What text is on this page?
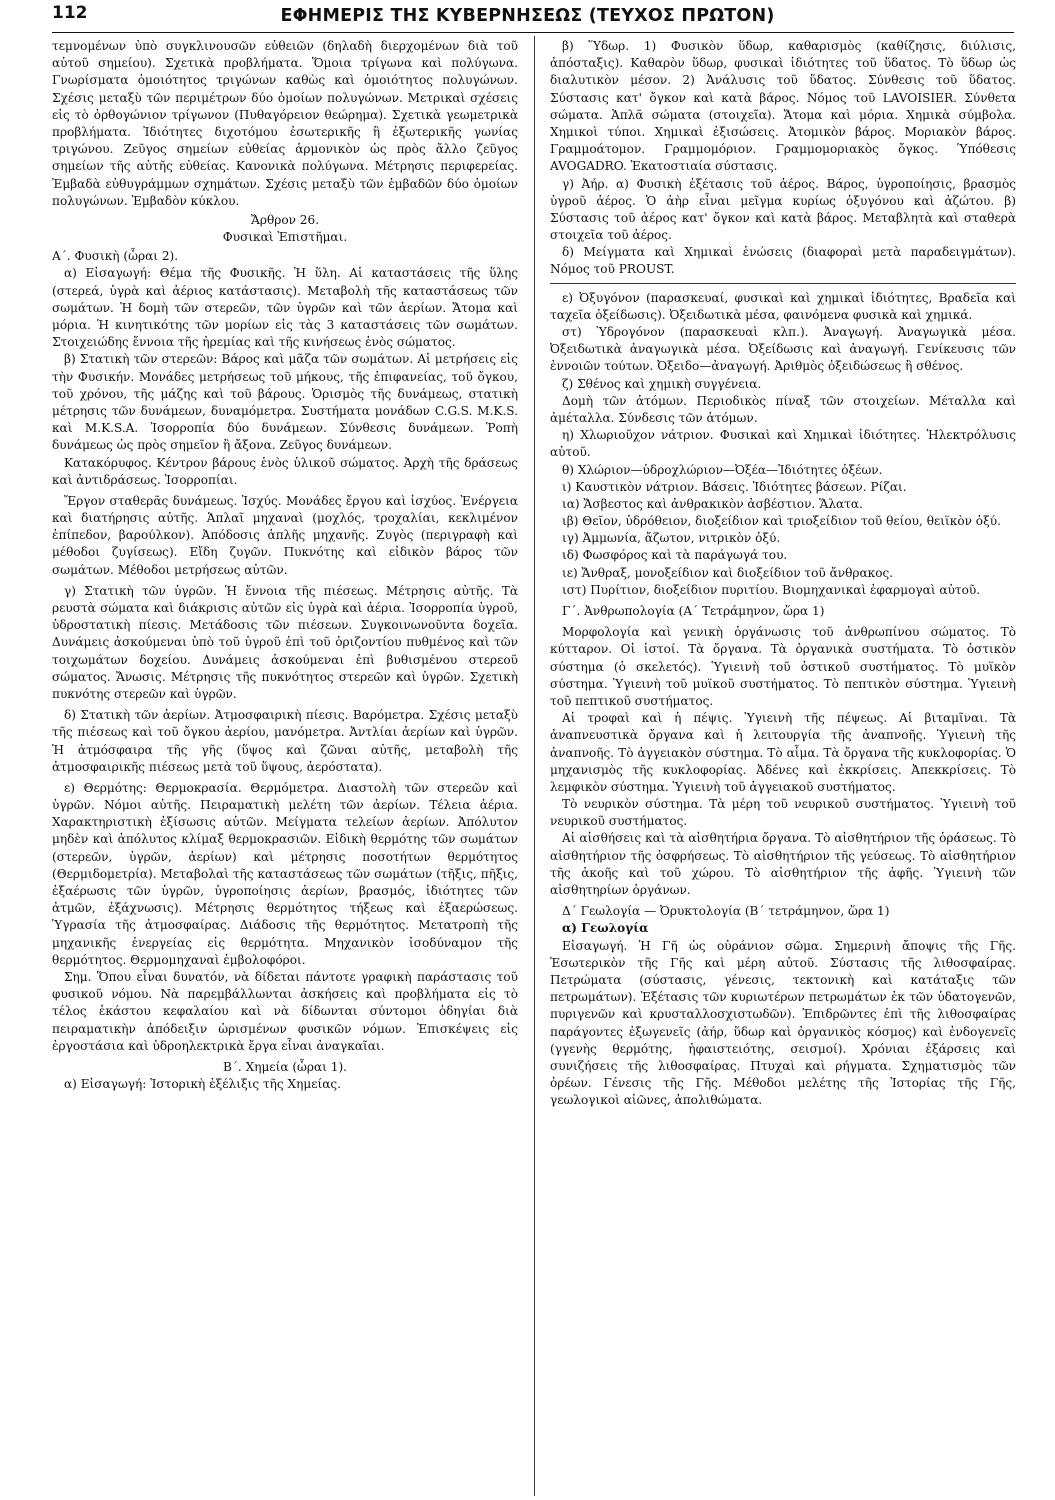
112	ΕΦΗΜΕΡΙΣ ΤΗΣ ΚΥΒΕΡΝΗΣΕΩΣ (ΤΕΥΧΟΣ ΠΡΩΤΟΝ)

τεμνομένων ὑπὸ συγκλινουσῶν εὐθειῶν (δηλαδὴ διερχομένων διὰ τοῦ αὐτοῦ σημείου). Σχετικὰ προβλήματα. Ὅμοια τρίγωνα καὶ πολύγωνα. Γνωρίσματα ὁμοιότητος τριγώνων καθὼς καὶ ὁμοιότητος πολυγώνων. Σχέσις μεταξὺ τῶν περιμέτρων δύο ὁμοίων πολυγώνων. Μετρικαὶ σχέσεις εἰς τὸ ὀρθογώνιον τρίγωνον (Πυθαγόρειον θεώρημα). Σχετικὰ γεωμετρικὰ προβλήματα. Ἰδιότητες διχοτόμου ἐσωτερικῆς ἢ ἐξωτερικῆς γωνίας τριγώνου. Ζεῦγος σημείων εὐθείας ἁρμονικὸν ὡς πρὸς ἄλλο ζεῦγος σημείων τῆς αὐτῆς εὐθείας. Κανονικὰ πολύγωνα. Μέτρησις περιφερείας. Ἐμβαδὰ εὐθυγράμμων σχημάτων. Σχέσις μεταξὺ τῶν ἐμβαδῶν δύο ὁμοίων πολυγώνων. Ἐμβαδὸν κύκλου.

Ἄρθρον 26.

Φυσικαὶ Ἐπιστῆμαι.

Α΄. Φυσικὴ (ὧραι 2).

α) Εἰσαγωγή: Θέμα τῆς Φυσικῆς. Ἡ ὕλη. Αἱ καταστάσεις τῆς ὕλης (στερεά, ὑγρὰ καὶ ἀέριος κατάστασις). Μεταβολὴ τῆς καταστάσεως τῶν σωμάτων. Ἡ δομὴ τῶν στερεῶν, τῶν ὑγρῶν καὶ τῶν ἀερίων. Ἄτομα καὶ μόρια. Ἡ κινητικότης τῶν μορίων εἰς τὰς 3 καταστάσεις τῶν σωμάτων. Στοιχειώδης ἔννοια τῆς ἠρεμίας καὶ τῆς κινήσεως ἑνὸς σώματος.

β) Στατικὴ τῶν στερεῶν: Βάρος καὶ μᾶζα τῶν σωμάτων. Αἱ μετρήσεις εἰς τὴν Φυσικήν. Μονάδες μετρήσεως τοῦ μήκους, τῆς ἐπιφανείας, τοῦ ὄγκου, τοῦ χρόνου, τῆς μάζης καὶ τοῦ βάρους. Ὁρισμὸς τῆς δυνάμεως, στατικὴ μέτρησις τῶν δυνάμεων, δυναμόμετρα. Συστήματα μονάδων C.G.S. M.K.S. καὶ M.K.S.A. Ἰσορροπία δύο δυνάμεων. Σύνθεσις δυνάμεων. Ῥοπὴ δυνάμεως ὡς πρὸς σημεῖον ἢ ἄξονα. Ζεῦγος δυνάμεων.

Κατακόρυφος. Κέντρον βάρους ἑνὸς ὑλικοῦ σώματος. Ἀρχὴ τῆς δράσεως καὶ ἀντιδράσεως. Ἰσορροπίαι.

Ἔργον σταθερᾶς δυνάμεως. Ἰσχύς. Μονάδες ἔργου καὶ ἰσχύος. Ἐνέργεια καὶ διατήρησις αὐτῆς. Ἁπλαῖ μηχαναὶ (μοχλός, τροχαλίαι, κεκλιμένον ἐπίπεδον, βαρούλκον). Ἀπόδοσις ἁπλῆς μηχανῆς. Ζυγὸς (περιγραφὴ καὶ μέθοδοι ζυγίσεως). Εἴδη ζυγῶν. Πυκνότης καὶ εἰδικὸν βάρος τῶν σωμάτων. Μέθοδοι μετρήσεως αὐτῶν.

γ) Στατικὴ τῶν ὑγρῶν. Ἡ ἔννοια τῆς πιέσεως. Μέτρησις αὐτῆς. Τὰ ρευστὰ σώματα καὶ διάκρισις αὐτῶν εἰς ὑγρὰ καὶ ἀέρια. Ἰσορροπία ὑγροῦ, ὑδροστατικὴ πίεσις. Μετάδοσις τῶν πιέσεων. Συγκοινωνοῦντα δοχεῖα. Δυνάμεις ἀσκούμεναι ὑπὸ τοῦ ὑγροῦ ἐπὶ τοῦ ὁριζοντίου πυθμένος καὶ τῶν τοιχωμάτων δοχείου. Δυνάμεις ἀσκούμεναι ἐπὶ βυθισμένου στερεοῦ σώματος. Ἄνωσις. Μέτρησις τῆς πυκνότητος στερεῶν καὶ ὑγρῶν. Σχετικὴ πυκνότης στερεῶν καὶ ὑγρῶν.

δ) Στατικὴ τῶν ἀερίων. Ἀτμοσφαιρικὴ πίεσις. Βαρόμετρα. Σχέσις μεταξὺ τῆς πιέσεως καὶ τοῦ ὄγκου ἀερίου, μανόμετρα. Ἀντλίαι ἀερίων καὶ ὑγρῶν. Ἡ ἀτμόσφαιρα τῆς γῆς (ὕψος καὶ ζῶναι αὐτῆς, μεταβολὴ τῆς ἀτμοσφαιρικῆς πιέσεως μετὰ τοῦ ὕψους, ἀερόστατα).

ε) Θερμότης: Θερμοκρασία. Θερμόμετρα. Διαστολὴ τῶν στερεῶν καὶ ὑγρῶν. Νόμοι αὐτῆς. Πειραματικὴ μελέτη τῶν ἀερίων. Τέλεια ἀέρια. Χαρακτηριστικὴ ἐξίσωσις αὐτῶν. Μείγματα τελείων ἀερίων. Ἀπόλυτον μηδὲν καὶ ἀπόλυτος κλίμαξ θερμοκρασιῶν. Εἰδικὴ θερμότης τῶν σωμάτων (στερεῶν, ὑγρῶν, ἀερίων) καὶ μέτρησις ποσοτήτων θερμότητος (Θερμιδομετρία). Μεταβολαὶ τῆς καταστάσεως τῶν σωμάτων (τῆξις, πῆξις, ἐξαέρωσις τῶν ὑγρῶν, ὑγροποίησις ἀερίων, βρασμός, ἰδιότητες τῶν ἀτμῶν, ἐξάχνωσις). Μέτρησις θερμότητος τήξεως καὶ ἐξαερώσεως. Ὑγρασία τῆς ἀτμοσφαίρας. Διάδοσις τῆς θερμότητος. Μετατροπὴ τῆς μηχανικῆς ἐνεργείας εἰς θερμότητα. Μηχανικὸν ἰσοδύναμον τῆς θερμότητος. Θερμομηχαναὶ ἐμβολοφόροι.

Σημ. Ὅπου εἶναι δυνατόν, νὰ δίδεται πάντοτε γραφικὴ παράστασις τοῦ φυσικοῦ νόμου. Νὰ παρεμβάλλωνται ἀσκήσεις καὶ προβλήματα εἰς τὸ τέλος ἑκάστου κεφαλαίου καὶ νὰ δίδωνται σύντομοι ὁδηγίαι διὰ πειραματικὴν ἀπόδειξιν ὡρισμένων φυσικῶν νόμων. Ἐπισκέψεις εἰς ἐργοστάσια καὶ ὑδροηλεκτρικὰ ἔργα εἶναι ἀναγκαῖαι.

Β΄. Χημεία (ὧραι 1).

α) Εἰσαγωγή: Ἱστορικὴ ἐξέλιξις τῆς Χημείας.

β) Ὕδωρ. 1) Φυσικὸν ὕδωρ, καθαρισμὸς (καθίζησις, διύλισις, ἀπόσταξις). Καθαρὸν ὕδωρ, φυσικαὶ ἰδιότητες τοῦ ὕδατος. Τὸ ὕδωρ ὡς διαλυτικὸν μέσον. 2) Ἀνάλυσις τοῦ ὕδατος. Σύνθεσις τοῦ ὕδατος. Σύστασις κατ' ὄγκον καὶ κατὰ βάρος. Νόμος τοῦ LAVOISIER. Σύνθετα σώματα. Ἁπλᾶ σώματα (στοιχεῖα). Ἄτομα καὶ μόρια. Χημικὰ σύμβολα. Χημικοὶ τύποι. Χημικαὶ ἐξισώσεις. Ἀτομικὸν βάρος. Μοριακὸν βάρος. Γραμμοάτομον. Γραμμομόριον. Γραμμομοριακὸς ὄγκος. Ὑπόθεσις AVOGADRO. Ἑκατοστιαία σύστασις.

γ) Ἀήρ. α) Φυσικὴ ἐξέτασις τοῦ ἀέρος. Βάρος, ὑγροποίησις, βρασμὸς ὑγροῦ ἀέρος. Ὁ ἀὴρ εἶναι μεῖγμα κυρίως ὀξυγόνου καὶ ἀζώτου. β) Σύστασις τοῦ ἀέρος κατ' ὄγκον καὶ κατὰ βάρος. Μεταβλητὰ καὶ σταθερὰ στοιχεῖα τοῦ ἀέρος.

δ) Μείγματα καὶ Χημικαὶ ἑνώσεις (διαφοραὶ μετὰ παραδειγμάτων). Νόμος τοῦ PROUST.

ε) Ὀξυγόνον (παρασκευαί, φυσικαὶ καὶ χημικαὶ ἰδιότητες, Βραδεῖα καὶ ταχεῖα ὀξείδωσις). Ὀξειδωτικὰ μέσα, φαινόμενα φυσικὰ καὶ χημικά.

στ) Ὑδρογόνον (παρασκευαὶ κλπ.). Ἀναγωγή. Ἀναγωγικὰ μέσα. Ὀξειδωτικὰ ἀναγωγικὰ μέσα. Ὀξείδωσις καὶ ἀναγωγή. Γενίκευσις τῶν ἐννοιῶν τούτων. Ὀξειδο—ἀναγωγή. Ἀριθμὸς ὀξειδώσεως ἢ σθένος.

ζ) Σθένος καὶ χημικὴ συγγένεια.

Δομὴ τῶν ἀτόμων. Περιοδικὸς πίναξ τῶν στοιχείων. Μέταλλα καὶ ἀμέταλλα. Σύνδεσις τῶν ἀτόμων.

η) Χλωριοῦχον νάτριον. Φυσικαὶ καὶ Χημικαὶ ἰδιότητες. Ἠλεκτρόλυσις αὐτοῦ.

θ) Χλώριον—ὑδροχλώριον—Ὀξέα—Ἰδιότητες ὀξέων.

ι) Καυστικὸν νάτριον. Βάσεις. Ἰδιότητες βάσεων. Ρίζαι.

ια) Ἄσβεστος καὶ ἀνθρακικὸν ἀσβέστιον. Ἅλατα.

ιβ) Θεῖον, ὑδρόθειον, διοξείδιον καὶ τριοξείδιον τοῦ θείου, θειϊκὸν ὀξύ.

ιγ) Ἀμμωνία, ἄζωτον, νιτρικὸν ὀξύ.

ιδ) Φωσφόρος καὶ τὰ παράγωγά του.

ιε) Ἄνθραξ, μονοξείδιον καὶ διοξείδιον τοῦ ἄνθρακος.

ιστ) Πυρίτιον, διοξείδιον πυριτίου. Βιομηχανικαὶ ἐφαρμογαὶ αὐτοῦ.

Γ΄. Ἀνθρωπολογία (Α΄ Τετράμηνον, ὥρα 1)

Μορφολογία καὶ γενικὴ ὀργάνωσις τοῦ ἀνθρωπίνου σώματος. Τὸ κύτταρον. Οἱ ἱστοί. Τὰ ὄργανα. Τὰ ὀργανικὰ συστήματα. Τὸ ὀστικὸν σύστημα (ὁ σκελετός). Ὑγιεινὴ τοῦ ὀστικοῦ συστήματος. Τὸ μυϊκὸν σύστημα. Ὑγιεινὴ τοῦ μυϊκοῦ συστήματος. Τὸ πεπτικὸν σύστημα. Ὑγιεινὴ τοῦ πεπτικοῦ συστήματος.

Αἱ τροφαὶ καὶ ἡ πέψις. Ὑγιεινὴ τῆς πέψεως. Αἱ βιταμῖναι. Τὰ ἀναπνευστικὰ ὄργανα καὶ ἡ λειτουργία τῆς ἀναπνοῆς. Ὑγιεινὴ τῆς ἀναπνοῆς. Τὸ ἀγγειακὸν σύστημα. Τὸ αἷμα. Τὰ ὄργανα τῆς κυκλοφορίας. Ὁ μηχανισμὸς τῆς κυκλοφορίας. Ἀδένες καὶ ἐκκρίσεις. Ἀπεκκρίσεις. Τὸ λεμφικὸν σύστημα. Ὑγιεινὴ τοῦ ἀγγειακοῦ συστήματος.

Τὸ νευρικὸν σύστημα. Τὰ μέρη τοῦ νευρικοῦ συστήματος. Ὑγιεινὴ τοῦ νευρικοῦ συστήματος.

Αἱ αἰσθήσεις καὶ τὰ αἰσθητήρια ὄργανα. Τὸ αἰσθητήριον τῆς ὁράσεως. Τὸ αἰσθητήριον τῆς ὀσφρήσεως. Τὸ αἰσθητήριον τῆς γεύσεως. Τὸ αἰσθητήριον τῆς ἀκοῆς καὶ τοῦ χώρου. Τὸ αἰσθητήριον τῆς ἁφῆς. Ὑγιεινὴ τῶν αἰσθητηρίων ὀργάνων.

Δ΄ Γεωλογία — Ὀρυκτολογία (Β΄ τετράμηνον, ὥρα 1)

α) Γεωλογία

Εἰσαγωγή. Ἡ Γῆ ὡς οὐράνιον σῶμα. Σημερινὴ ἄποψις τῆς Γῆς. Ἐσωτερικὸν τῆς Γῆς καὶ μέρη αὐτοῦ. Σύστασις τῆς λιθοσφαίρας. Πετρώματα (σύστασις, γένεσις, τεκτονικὴ καὶ κατάταξις τῶν πετρωμάτων). Ἐξέτασις τῶν κυριωτέρων πετρωμάτων ἐκ τῶν ὑδατογενῶν, πυριγενῶν καὶ κρυσταλλοσχιστωδῶν). Ἐπιδρῶντες ἐπὶ τῆς λιθοσφαίρας παράγοντες ἐξωγενεῖς (ἀήρ, ὕδωρ καὶ ὀργανικὸς κόσμος) καὶ ἐνδογενεῖς (γγενὴς θερμότης, ἡφαιστειότης, σεισμοί). Χρόνιαι ἐξάρσεις καὶ συνιζήσεις τῆς λιθοσφαίρας. Πτυχαὶ καὶ ρήγματα. Σχηματισμὸς τῶν ὀρέων. Γένεσις τῆς Γῆς. Μέθοδοι μελέτης τῆς Ἱστορίας τῆς Γῆς, γεωλογικοὶ αἰῶνες, ἀπολιθώματα.
